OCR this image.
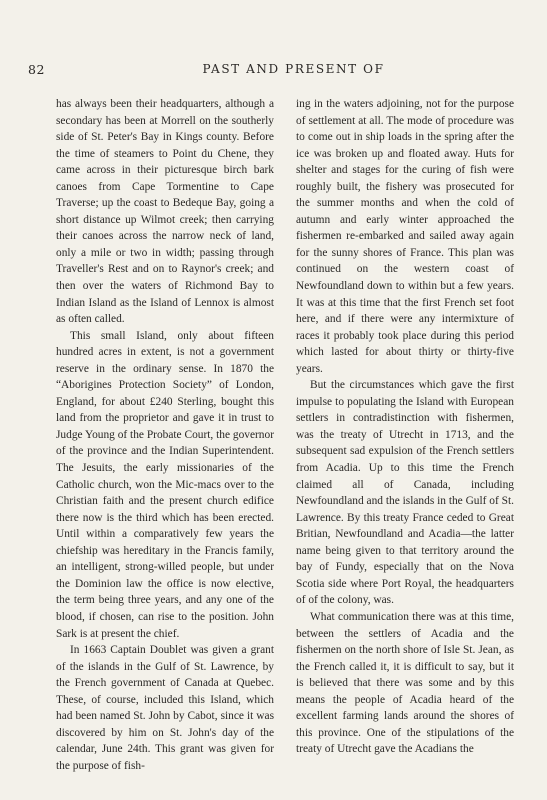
82	PAST AND PRESENT OF

has always been their headquarters, although a secondary has been at Morrell on the southerly side of St. Peter's Bay in Kings county. Before the time of steamers to Point du Chene, they came across in their picturesque birch bark canoes from Cape Tormentine to Cape Traverse; up the coast to Bedeque Bay, going a short distance up Wilmot creek; then carrying their canoes across the narrow neck of land, only a mile or two in width; passing through Traveller's Rest and on to Raynor's creek; and then over the waters of Richmond Bay to Indian Island as the Island of Lennox is almost as often called.

This small Island, only about fifteen hundred acres in extent, is not a government reserve in the ordinary sense. In 1870 the “Aborigines Protection Society” of London, England, for about £240 Sterling, bought this land from the proprietor and gave it in trust to Judge Young of the Probate Court, the governor of the province and the Indian Superintendent. The Jesuits, the early missionaries of the Catholic church, won the Mic-macs over to the Christian faith and the present church edifice there now is the third which has been erected. Until within a comparatively few years the chiefship was hereditary in the Francis family, an intelligent, strong-willed people, but under the Dominion law the office is now elective, the term being three years, and any one of the blood, if chosen, can rise to the position. John Sark is at present the chief.

In 1663 Captain Doublet was given a grant of the islands in the Gulf of St. Lawrence, by the French government of Canada at Quebec. These, of course, included this Island, which had been named St. John by Cabot, since it was discovered by him on St. John's day of the calendar, June 24th. This grant was given for the purpose of fish-

ing in the waters adjoining, not for the purpose of settlement at all. The mode of procedure was to come out in ship loads in the spring after the ice was broken up and floated away. Huts for shelter and stages for the curing of fish were roughly built, the fishery was prosecuted for the summer months and when the cold of autumn and early winter approached the fishermen re-embarked and sailed away again for the sunny shores of France. This plan was continued on the western coast of Newfoundland down to within but a few years. It was at this time that the first French set foot here, and if there were any intermixture of races it probably took place during this period which lasted for about thirty or thirty-five years.

But the circumstances which gave the first impulse to populating the Island with European settlers in contradistinction with fishermen, was the treaty of Utrecht in 1713, and the subsequent sad expulsion of the French settlers from Acadia. Up to this time the French claimed all of Canada, including Newfoundland and the islands in the Gulf of St. Lawrence. By this treaty France ceded to Great Britian, Newfoundland and Acadia—the latter name being given to that territory around the bay of Fundy, especially that on the Nova Scotia side where Port Royal, the headquarters of of the colony, was.

What communication there was at this time, between the settlers of Acadia and the fishermen on the north shore of Isle St. Jean, as the French called it, it is difficult to say, but it is believed that there was some and by this means the people of Acadia heard of the excellent farming lands around the shores of this province. One of the stipulations of the treaty of Utrecht gave the Acadians the
